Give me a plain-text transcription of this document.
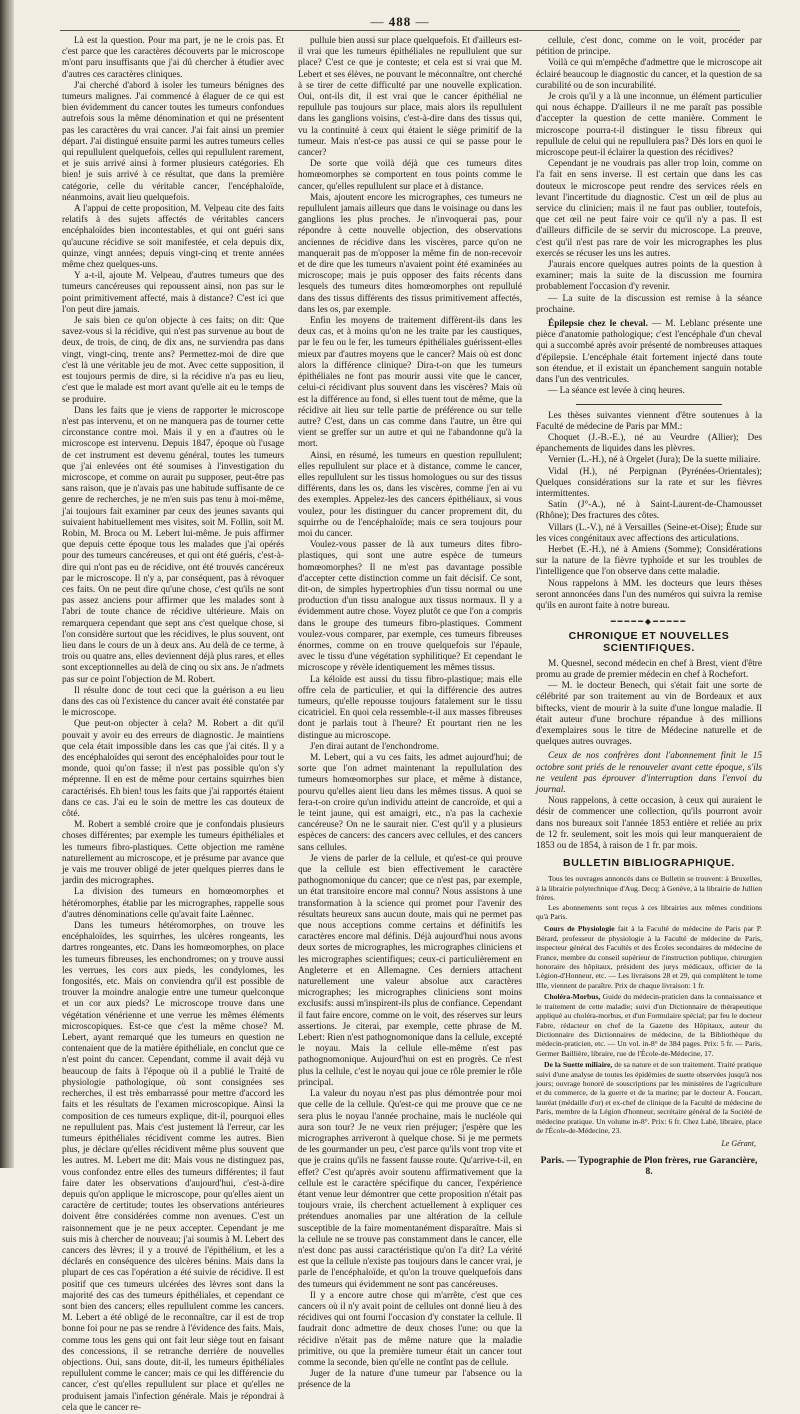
— 488 —

Là est la question. Pour ma part, je ne le crois pas. Et c'est parce que les caractères découverts par le microscope m'ont paru insuffisants que j'ai dû chercher à étudier avec d'autres ces caractères cliniques.

J'ai cherché d'abord à isoler les tumeurs bénignes des tumeurs malignes. J'ai commencé à élaguer de ce qui est bien évidemment du cancer toutes les tumeurs confondues autrefois sous la même dénomination et qui ne présentent pas les caractères du vrai cancer. J'ai fait ainsi un premier départ. J'ai distingué ensuite parmi les autres tumeurs celles qui repullulent quelquefois, celles qui repullulent rarement, et je suis arrivé ainsi à former plusieurs catégories. Eh bien! je suis arrivé à ce résultat, que dans la première catégorie, celle du véritable cancer, l'encéphaloïde, néanmoins, avait lieu quelquefois.

A l'appui de cette proposition, M. Velpeau cite des faits relatifs à des sujets affectés de véritables cancers encéphaloïdes bien incontestables, et qui ont guéri sans qu'aucune récidive se soit manifestée, et cela depuis dix, quinze, vingt années; depuis vingt-cinq et trente années même chez quelques-uns.

Y a-t-il, ajoute M. Velpeau, d'autres tumeurs que des tumeurs cancéreuses qui repoussent ainsi, non pas sur le point primitivement affecté, mais à distance? C'est ici que l'on peut dire jamais.

Je sais bien ce qu'on objecte à ces faits; on dit: Que savez-vous si la récidive, qui n'est pas survenue au bout de deux, de trois, de cinq, de dix ans, ne surviendra pas dans vingt, vingt-cinq, trente ans? Permettez-moi de dire que c'est là une véritable jeu de mot. Avec cette supposition, il est toujours permis de dire, si la récidive n'a pas eu lieu, c'est que le malade est mort avant qu'elle ait eu le temps de se produire.

Dans les faits que je viens de rapporter le microscope n'est pas intervenu, et on ne manquera pas de tourner cette circonstance contre moi. Mais il y en a d'autres où le microscope est intervenu. Depuis 1847, époque où l'usage de cet instrument est devenu général, toutes les tumeurs que j'ai enlevées ont été soumises à l'investigation du microscope, et comme on aurait pu supposer, peut-être pas sans raison, que je n'avais pas une habitude suffisante de ce genre de recherches, je ne m'en suis pas tenu à moi-même, j'ai toujours fait examiner par ceux des jeunes savants qui suivaient habituellement mes visites, soit M. Follin, soit M. Robin, M. Broca ou M. Lebert lui-même. Je puis affirmer que depuis cette époque tous les malades que j'ai opérés pour des tumeurs cancéreuses, et qui ont été guéris, c'est-à-dire qui n'ont pas eu de récidive, ont été trouvés cancéreux par le microscope. Il n'y a, par conséquent, pas à révoquer ces faits. On ne peut dire qu'une chose, c'est qu'ils ne sont pas assez anciens pour affirmer que les malades sont à l'abri de toute chance de récidive ultérieure. Mais on remarquera cependant que sept ans c'est quelque chose, si l'on considère surtout que les récidives, le plus souvent, ont lieu dans le cours de un à deux ans. Au delà de ce terme, à trois ou quatre ans, elles deviennent déjà plus rares, et elles sont exceptionnelles au delà de cinq ou six ans. Je n'admets pas sur ce point l'objection de M. Robert.

Il résulte donc de tout ceci que la guérison a eu lieu dans des cas où l'existence du cancer avait été constatée par le microscope.

Que peut-on objecter à cela? M. Robert a dit qu'il pouvait y avoir eu des erreurs de diagnostic. Je maintiens que cela était impossible dans les cas que j'ai cités. Il y a des encéphaloïdes qui seront des encéphaloïdes pour tout le monde, quoi qu'on fasse; il n'est pas possible qu'on s'y méprenne. Il en est de même pour certains squirrhes bien caractérisés. Eh bien! tous les faits que j'ai rapportés étaient dans ce cas. J'ai eu le soin de mettre les cas douteux de côté.

M. Robert a semblé croire que je confondais plusieurs choses différentes; par exemple les tumeurs épithéliales et les tumeurs fibro-plastiques. Cette objection me ramène naturellement au microscope, et je présume par avance que je vais me trouver obligé de jeter quelques pierres dans le jardin des micrographes.

La division des tumeurs en homœomorphes et hétéromorphes, établie par les micrographes, rappelle sous d'autres dénominations celle qu'avait faite Laënnec.

Dans les tumeurs hétéromorphes, on trouve les encéphaloïdes, les squirrhes, les ulcères rongeants, les dartres rongeantes, etc. Dans les homœomorphes, on place les tumeurs fibreuses, les enchondromes; on y trouve aussi les verrues, les cors aux pieds, les condylomes, les fongosités, etc. Mais on conviendra qu'il est possible de trouver la moindre analogie entre une tumeur quelconque et un cor aux pieds? Le microscope trouve dans une végétation vénérienne et une verrue les mêmes éléments microscopiques. Est-ce que c'est la même chose? M. Lebert, ayant remarqué que les tumeurs en question ne contenaient que de la matière épithéliale, en conclut que ce n'est point du cancer. Cependant, comme il avait déjà vu beaucoup de faits à l'époque où il a publié le Traité de physiologie pathologique, où sont consignées ses recherches, il est très embarrassé pour mettre d'accord les faits et les résultats de l'examen microscopique. Ainsi la composition de ces tumeurs explique, dit-il, pourquoi elles ne repullulent pas. Mais c'est justement là l'erreur, car les tumeurs épithéliales récidivent comme les autres. Bien plus, je déclare qu'elles récidivent même plus souvent que les autres. M. Lebert me dit: Mais vous ne distinguez pas, vous confondez entre elles des tumeurs différentes; il faut faire dater les observations d'aujourd'hui, c'est-à-dire depuis qu'on applique le microscope, pour qu'elles aient un caractère de certitude; toutes les observations antérieures doivent être considérées comme non avenues. C'est un raisonnement que je ne peux accepter. Cependant je me suis mis à chercher de nouveau; j'ai soumis à M. Lebert des cancers des lèvres; il y a trouvé de l'épithélium, et les a déclarés en conséquence des ulcères bénins. Mais dans la plupart de ces cas l'opération a été suivie de récidive. Il est positif que ces tumeurs ulcérées des lèvres sont dans la majorité des cas des tumeurs épithéliales, et cependant ce sont bien des cancers; elles repullulent comme les cancers. M. Lebert a été obligé de le reconnaître, car il est de trop bonne foi pour ne pas se rendre à l'évidence des faits. Mais, comme tous les gens qui ont fait leur siège tout en faisant des concessions, il se retranche derrière de nouvelles objections. Oui, sans doute, dit-il, les tumeurs épithéliales repullulent comme le cancer; mais ce qui les différencie du cancer, c'est qu'elles repullulent sur place et qu'elles ne produisent jamais l'infection générale. Mais je répondrai à cela que le cancer re-

pullule bien aussi sur place quelquefois. Et d'ailleurs est-il vrai que les tumeurs épithéliales ne repullulent que sur place? C'est ce que je conteste; et cela est si vrai que M. Lebert et ses élèves, ne pouvant le méconnaître, ont cherché à se tirer de cette difficulté par une nouvelle explication. Oui, ont-ils dit, il est vrai que le cancer épithélial ne repullule pas toujours sur place, mais alors ils repullulent dans les ganglions voisins, c'est-à-dire dans des tissus qui, vu la continuité à ceux qui étaient le siège primitif de la tumeur. Mais n'est-ce pas aussi ce qui se passe pour le cancer?

De sorte que voilà déjà que ces tumeurs dites homœomorphes se comportent en tous points comme le cancer, qu'elles repullulent sur place et à distance.

Mais, ajoutent encore les micrographes, ces tumeurs ne repullulent jamais ailleurs que dans le voisinage ou dans les ganglions les plus proches. Je n'invoquerai pas, pour répondre à cette nouvelle objection, des observations anciennes de récidive dans les viscères, parce qu'on ne manquerait pas de m'opposer la même fin de non-recevoir et de dire que les tumeurs n'avaient point été examinées au microscope; mais je puis opposer des faits récents dans lesquels des tumeurs dites homœomorphes ont repullulé dans des tissus différents des tissus primitivement affectés, dans les os, par exemple.

Enfin les moyens de traitement diffèrent-ils dans les deux cas, et à moins qu'on ne les traite par les caustiques, par le feu ou le fer, les tumeurs épithéliales guérissent-elles mieux par d'autres moyens que le cancer? Mais où est donc alors la différence clinique? Dira-t-on que les tumeurs épithéliales ne font pas mourir aussi vite que le cancer, celui-ci récidivant plus souvent dans les viscères? Mais où est la différence au fond, si elles tuent tout de même, que la récidive ait lieu sur telle partie de préférence ou sur telle autre? C'est, dans un cas comme dans l'autre, un être qui vient se greffer sur un autre et qui ne l'abandonne qu'à la mort.

Ainsi, en résumé, les tumeurs en question repullulent; elles repullulent sur place et à distance, comme le cancer, elles repullulent sur les tissus homologues ou sur des tissus différents, dans les os, dans les viscères, comme j'en ai vu des exemples. Appelez-les des cancers épithéliaux, si vous voulez, pour les distinguer du cancer proprement dit, du squirrhe ou de l'encéphaloïde; mais ce sera toujours pour moi du cancer.

Voulez-vous passer de là aux tumeurs dites fibro-plastiques, qui sont une autre espèce de tumeurs homœomorphes? Il ne m'est pas davantage possible d'accepter cette distinction comme un fait décisif. Ce sont, dit-on, de simples hypertrophies d'un tissu normal ou une production d'un tissu analogue aux tissus normaux. Il y a évidemment autre chose. Voyez plutôt ce que l'on a compris dans le groupe des tumeurs fibro-plastiques. Comment voulez-vous comparer, par exemple, ces tumeurs fibreuses énormes, comme on en trouve quelquefois sur l'épaule, avec le tissu d'une végétation syphilitique? Et cependant le microscope y révèle identiquement les mêmes tissus.

La kéloïde est aussi du tissu fibro-plastique; mais elle offre cela de particulier, et qui la différencie des autres tumeurs, qu'elle repousse toujours fatalement sur le tissu cicatriciel. En quoi cela ressemble-t-il aux masses fibreuses dont je parlais tout à l'heure? Et pourtant rien ne les distingue au microscope.

J'en dirai autant de l'enchondrome.

M. Lebert, qui a vu ces faits, les admet aujourd'hui; de sorte que l'on admet maintenant la repullulation des tumeurs homœomorphes sur place, et même à distance, pourvu qu'elles aient lieu dans les mêmes tissus. A quoi se fera-t-on croire qu'un individu atteint de cancroïde, et qui a le teint jaune, qui est amaigri, etc., n'a pas la cachexie cancéreuse? On ne le saurait nier. C'est qu'il y a plusieurs espèces de cancers: des cancers avec cellules, et des cancers sans cellules.

Je viens de parler de la cellule, et qu'est-ce qui prouve que la cellule est bien effectivement le caractère pathognomonique du cancer; que ce n'est pas, par exemple, un état transitoire encore mal connu? Nous assistons à une transformation à la science qui promet pour l'avenir des résultats heureux sans aucun doute, mais qui ne permet pas que nous acceptions comme certains et définitifs les caractères encore mal définis. Déjà aujourd'hui nous avons deux sortes de micrographes, les micrographes cliniciens et les micrographes scientifiques; ceux-ci particulièrement en Angleterre et en Allemagne. Ces derniers attachent naturellement une valeur absolue aux caractères micrographes; les micrographes cliniciens sont moins exclusifs: aussi m'inspirent-ils plus de confiance. Cependant il faut faire encore, comme on le voit, des réserves sur leurs assertions. Je citerai, par exemple, cette phrase de M. Lebert: Rien n'est pathognomonique dans la cellule, excepté le noyau. Mais la cellule elle-même n'est pas pathognomonique. Aujourd'hui on est en progrès. Ce n'est plus la cellule, c'est le noyau qui joue ce rôle premier le rôle principal.

La valeur du noyau n'est pas plus démontrée pour moi que celle de la cellule. Qu'est-ce qui me prouve que ce ne sera plus le noyau l'année prochaine, mais le nucléole qui aura son tour? Je ne veux rien préjuger; j'espère que les micrographes arriveront à quelque chose. Si je me permets de les gourmander un peu, c'est parce qu'ils vont trop vite et que je crains qu'ils ne fassent fausse route. Qu'arrive-t-il, en effet? C'est qu'après avoir soutenu affirmativement que la cellule est le caractère spécifique du cancer, l'expérience étant venue leur démontrer que cette proposition n'était pas toujours vraie, ils cherchent actuellement à expliquer ces prétendues anomalies par une altération de la cellule susceptible de la faire momentanément disparaître. Mais si la cellule ne se trouve pas constamment dans le cancer, elle n'est donc pas aussi caractéristique qu'on l'a dit? La vérité est que la cellule n'existe pas toujours dans le cancer vrai, je parle de l'encéphaloïde, et qu'on la trouve quelquefois dans des tumeurs qui évidemment ne sont pas cancéreuses.

Il y a encore autre chose qui m'arrête, c'est que ces cancers où il n'y avait point de cellules ont donné lieu à des récidives qui ont fourni l'occasion d'y constater la cellule. Il faudrait donc admettre de deux choses l'une: ou que la récidive n'était pas de même nature que la maladie primitive, ou que la première tumeur était un cancer tout comme la seconde, bien qu'elle ne contînt pas de cellule.

Juger de la nature d'une tumeur par l'absence ou la présence de la

cellule, c'est donc, comme on le voit, procéder par pétition de principe.

Voilà ce qui m'empêche d'admettre que le microscope ait éclairé beaucoup le diagnostic du cancer, et la question de sa curabilité ou de son incurabilité.

Je crois qu'il y a là une inconnue, un élément particulier qui nous échappe. D'ailleurs il ne me paraît pas possible d'accepter la question de cette manière. Comment le microscope pourra-t-il distinguer le tissu fibreux qui repullule de celui qui ne repullulera pas? Dès lors en quoi le microscope peut-il éclairer la question des récidives?

Cependant je ne voudrais pas aller trop loin, comme on l'a fait en sens inverse. Il est certain que dans les cas douteux le microscope peut rendre des services réels en levant l'incertitude du diagnostic. C'est un œil de plus au service du clinicien; mais il ne faut pas oublier, toutefois, que cet œil ne peut faire voir ce qu'il n'y a pas. Il est d'ailleurs difficile de se servir du microscope. La preuve, c'est qu'il n'est pas rare de voir les micrographes les plus exercés se récuser les uns les autres.

J'aurais encore quelques autres points de la question à examiner; mais la suite de la discussion me fournira probablement l'occasion d'y revenir.

— La suite de la discussion est remise à la séance prochaine.

Épilepsie chez le cheval. — M. Leblanc présente une pièce d'anatomie pathologique; c'est l'encéphale d'un cheval qui a succombé après avoir présenté de nombreuses attaques d'épilepsie. L'encéphale était fortement injecté dans toute son étendue, et il existait un épanchement sanguin notable dans l'un des ventricules.

— La séance est levée à cinq heures.

Les thèses suivantes viennent d'être soutenues à la Faculté de médecine de Paris par MM.:

Choquet (J.-B.-E.), né au Veurdre (Allier); Des épanchements de liquides dans les plèvres.

Vernier (L.-H.), né à Orgelet (Jura); De la suette miliaire.

Vidal (H.), né Perpignan (Pyrénées-Orientales); Quelques considérations sur la rate et sur les fièvres intermittentes.

Satin (J°-A.), né à Saint-Laurent-de-Chamousset (Rhône); Des fractures des côtes.

Villars (L.-V.), né à Versailles (Seine-et-Oise); Étude sur les vices congénitaux avec affections des articulations.

Herbet (E.-H.), né à Amiens (Somme); Considérations sur la nature de la fièvre typhoïde et sur les troubles de l'intelligence que l'on observe dans cette maladie.

Nous rappelons à MM. les docteurs que leurs thèses seront annoncées dans l'un des numéros qui suivra la remise qu'ils en auront faite à notre bureau.

━━━━━◆━━━━━
CHRONIQUE ET NOUVELLES SCIENTIFIQUES.

M. Quesnel, second médecin en chef à Brest, vient d'être promu au grade de premier médecin en chef à Rochefort.

— M. le docteur Benech, qui s'était fait une sorte de célébrité par son traitement au vin de Bordeaux et aux biftecks, vient de mourir à la suite d'une longue maladie. Il était auteur d'une brochure répandue à des millions d'exemplaires sous le titre de Médecine naturelle et de quelques autres ouvrages.

Ceux de nos confrères dont l'abonnement finit le 15 octobre sont priés de le renouveler avant cette époque, s'ils ne veulent pas éprouver d'interruption dans l'envoi du journal.

Nous rappelons, à cette occasion, à ceux qui auraient le désir de commencer une collection, qu'ils pourront avoir dans nos bureaux soit l'année 1853 entière et reliée au prix de 12 fr. seulement, soit les mois qui leur manqueraient de 1853 ou de 1854, à raison de 1 fr. par mois.

BULLETIN BIBLIOGRAPHIQUE.

Tous les ouvrages annoncés dans ce Bulletin se trouvent: à Bruxelles, à la librairie polytechnique d'Aug. Decq; à Genève, à la librairie de Jullien frères.

Les abonnements sont reçus à ces librairies aux mêmes conditions qu'à Paris.

Cours de Physiologie fait à la Faculté de médecine de Paris par P. Bérard, professeur de physiologie à la Faculté de médecine de Paris, inspecteur général des Facultés et des Écoles secondaires de médecine de France, membre du conseil supérieur de l'instruction publique, chirurgien honoraire des hôpitaux, président des jurys médicaux, officier de la Légion-d'Honneur, etc. — Les livraisons 28 et 29, qui complètent le tome IIIe, viennent de paraître. Prix de chaque livraison: 1 fr.

Choléra-Morbus, Guide du médecin-praticien dans la connaissance et le traitement de cette maladie; suivi d'un Dictionnaire de thérapeutique appliqué au choléra-morbus, et d'un Formulaire spécial; par feu le docteur Fabre, rédacteur en chef de la Gazette des Hôpitaux, auteur du Dictionnaire des Dictionnaires de médecine, de la Bibliothèque du médecin-praticien, etc. — Un vol. in-8° de 384 pages. Prix: 5 fr. — Paris, Germer Baillière, libraire, rue de l'École-de-Médecine, 17.

De la Suette miliaire, de sa nature et de son traitement. Traité pratique suivi d'une analyse de toutes les épidémies de suette observées jusqu'à nos jours; ouvrage honoré de souscriptions par les ministères de l'agriculture et du commerce, de la guerre et de la marine; par le docteur A. Foucart, lauréat (médaille d'or) et ex-chef de clinique de la Faculté de médecine de Paris, membre de la Légion d'honneur, secrétaire général de la Société de médecine pratique. Un volume in-8°. Prix: 6 fr. Chez Labé, libraire, place de l'École-de-Médecine, 23.

Le Gérant,
Paris. — Typographie de Plon frères, rue Garancière, 8.
